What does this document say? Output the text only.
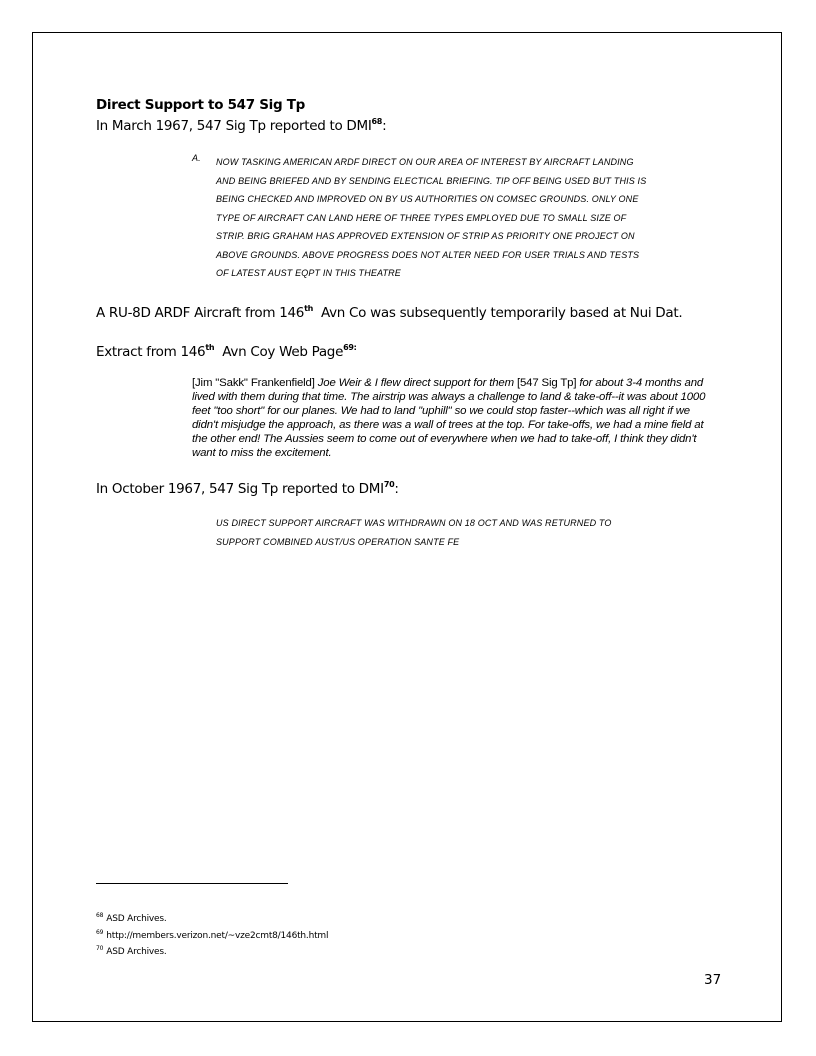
Direct Support to 547 Sig Tp
In March 1967, 547 Sig Tp reported to DMI$^{68}$:
A. NOW TASKING AMERICAN ARDF DIRECT ON OUR AREA OF INTEREST BY AIRCRAFT LANDING
AND BEING BRIEFED AND BY SENDING ELECTICAL BRIEFING. TIP OFF BEING USED BUT THIS IS
BEING CHECKED AND IMPROVED ON BY US AUTHORITIES ON COMSEC GROUNDS. ONLY ONE
TYPE OF AIRCRAFT CAN LAND HERE OF THREE TYPES EMPLOYED DUE TO SMALL SIZE OF
STRIP. BRIG GRAHAM HAS APPROVED EXTENSION OF STRIP AS PRIORITY ONE PROJECT ON
ABOVE GROUNDS. ABOVE PROGRESS DOES NOT ALTER NEED FOR USER TRIALS AND TESTS
OF LATEST AUST EQPT IN THIS THEATRE
A RU-8D ARDF Aircraft from 146th  Avn Co was subsequently temporarily based at Nui Dat.
Extract from 146th  Avn Coy Web Page$^{69:}$
[Jim "Sakk" Frankenfield] Joe Weir & I flew direct support for them [547 Sig Tp] for about 3-4 months and lived with them during that time. The airstrip was always a challenge to land & take-off--it was about 1000 feet "too short" for our planes. We had to land "uphill" so we could stop faster--which was all right if we didn't misjudge the approach, as there was a wall of trees at the top. For take-offs, we had a mine field at the other end! The Aussies seem to come out of everywhere when we had to take-off, I think they didn't want to miss the excitement.
In October 1967, 547 Sig Tp reported to DMI$^{70}$:
US DIRECT SUPPORT AIRCRAFT WAS WITHDRAWN ON 18 OCT AND WAS RETURNED TO
SUPPORT COMBINED AUST/US OPERATION SANTE FE
$^{68}$ ASD Archives.
$^{69}$ http://members.verizon.net/~vze2cmt8/146th.html
$^{70}$ ASD Archives.
37
